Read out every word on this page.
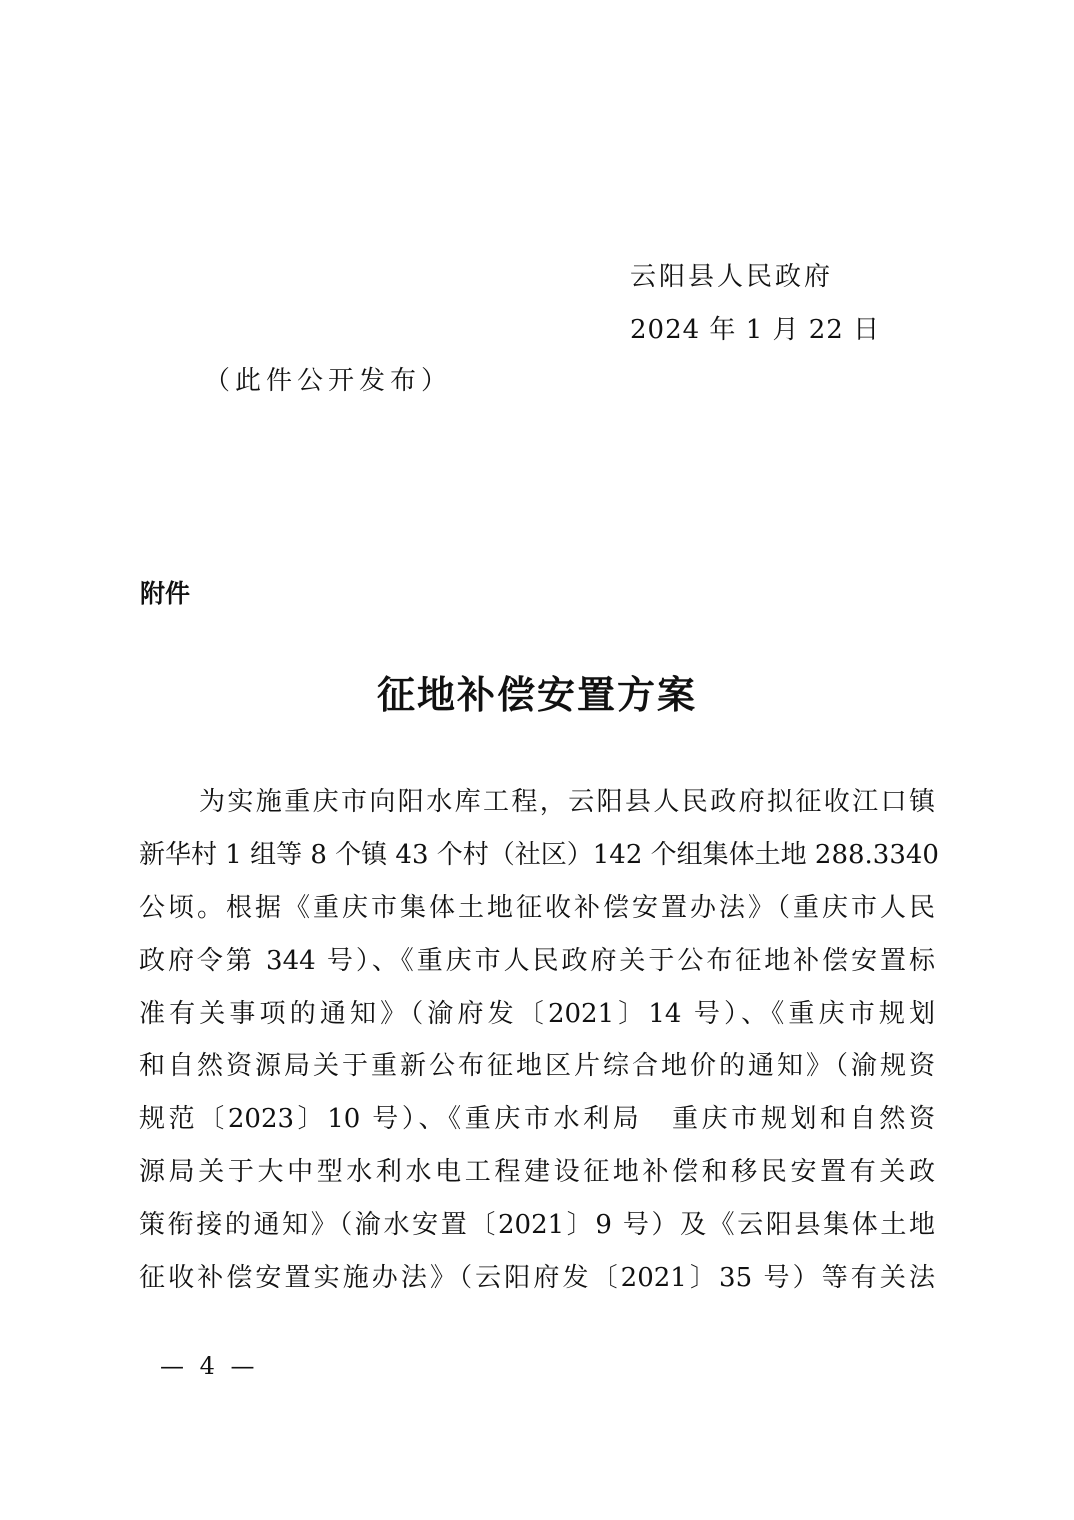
云阳县人民政府
2024 年 1 月 22 日
（此件公开发布）
附件
征地补偿安置方案
为实施重庆市向阳水库工程，云阳县人民政府拟征收江口镇
新华村 1 组等 8 个镇 43 个村（社区）142 个组集体土地 288.3340
公顷。根据《重庆市集体土地征收补偿安置办法》（重庆市人民
政府令第 344 号）、《重庆市人民政府关于公布征地补偿安置标
准有关事项的通知》（渝府发〔2021〕14 号）、《重庆市规划
和自然资源局关于重新公布征地区片综合地价的通知》（渝规资
规范〔2023〕10 号）、《重庆市水利局　重庆市规划和自然资
源局关于大中型水利水电工程建设征地补偿和移民安置有关政
策衔接的通知》（渝水安置〔2021〕9 号）及《云阳县集体土地
征收补偿安置实施办法》（云阳府发〔2021〕35 号）等有关法
— 4 —
